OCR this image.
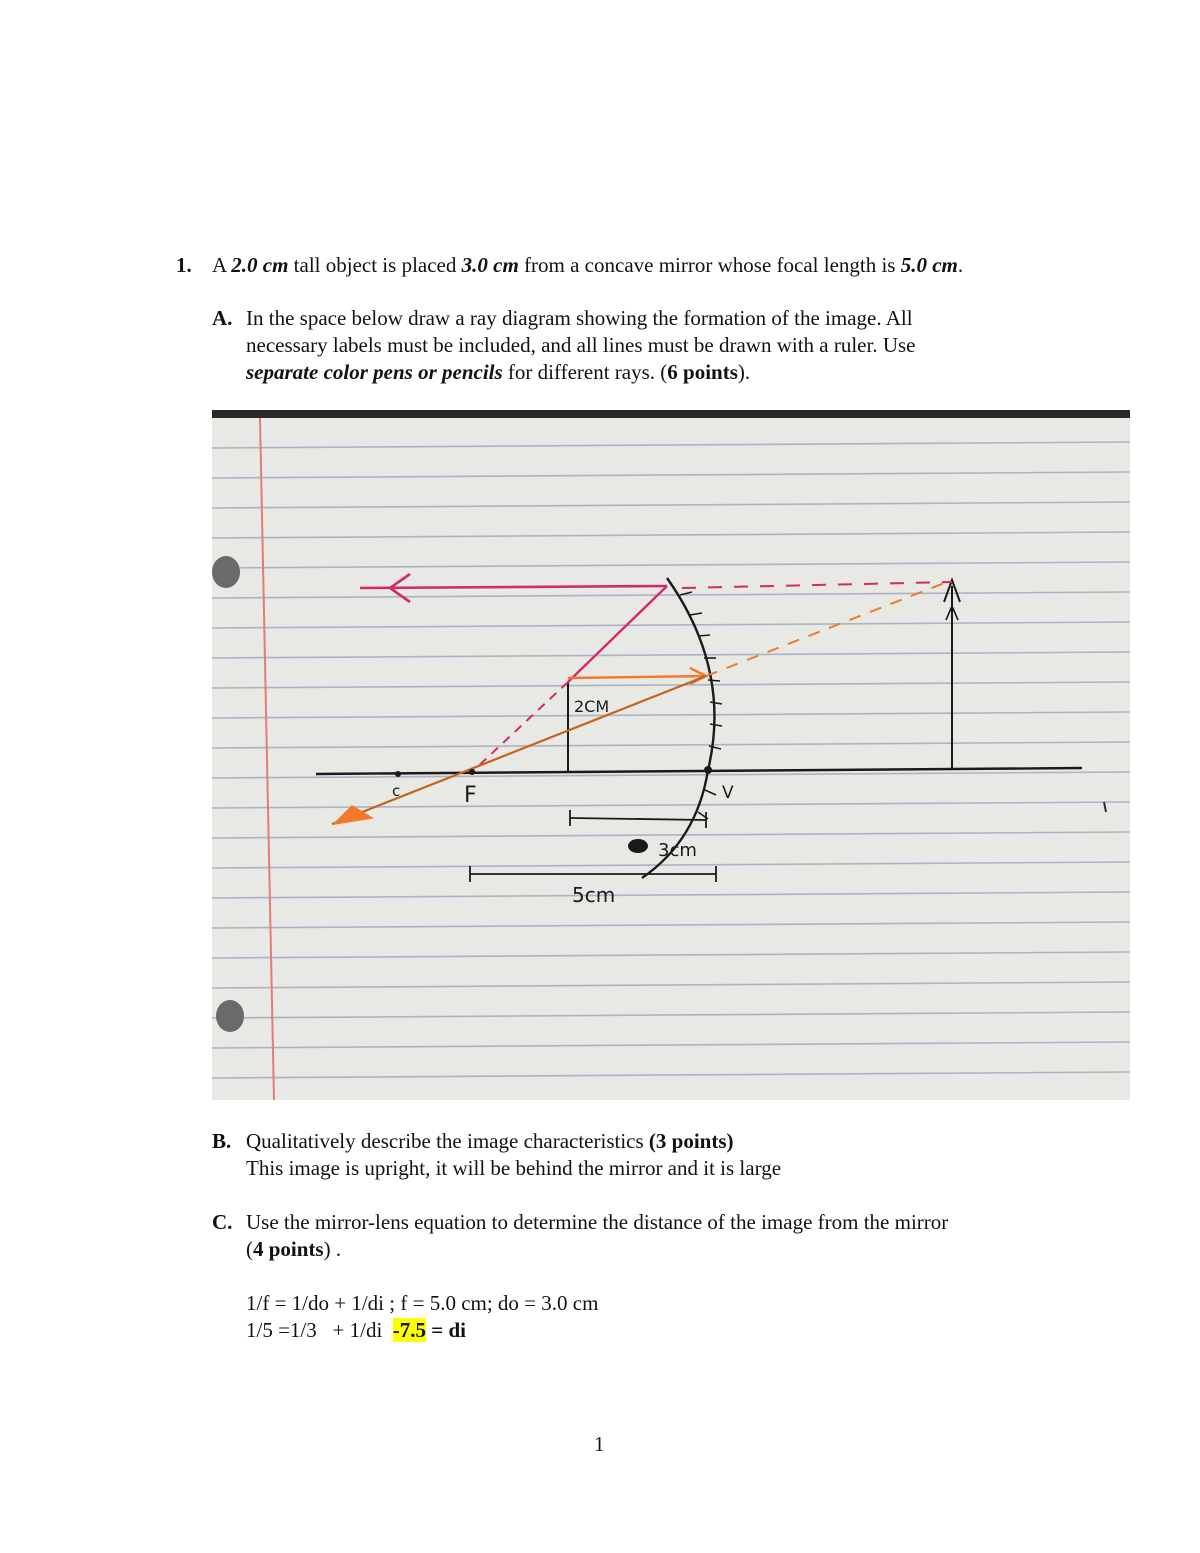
1. A 2.0 cm tall object is placed 3.0 cm from a concave mirror whose focal length is 5.0 cm.
A. In the space below draw a ray diagram showing the formation of the image. All
necessary labels must be included, and all lines must be drawn with a ruler. Use
separate color pens or pencils for different rays. (6 points).
c	F	V
2CM
3cm
5cm
B. Qualitatively describe the image characteristics (3 points)
This image is upright, it will be behind the mirror and it is large
C. Use the mirror-lens equation to determine the distance of the image from the mirror
(4 points) .
1/f = 1/do + 1/di ; f = 5.0 cm; do = 3.0 cm
1/5 =1/3   + 1/di  -7.5 = di
1
